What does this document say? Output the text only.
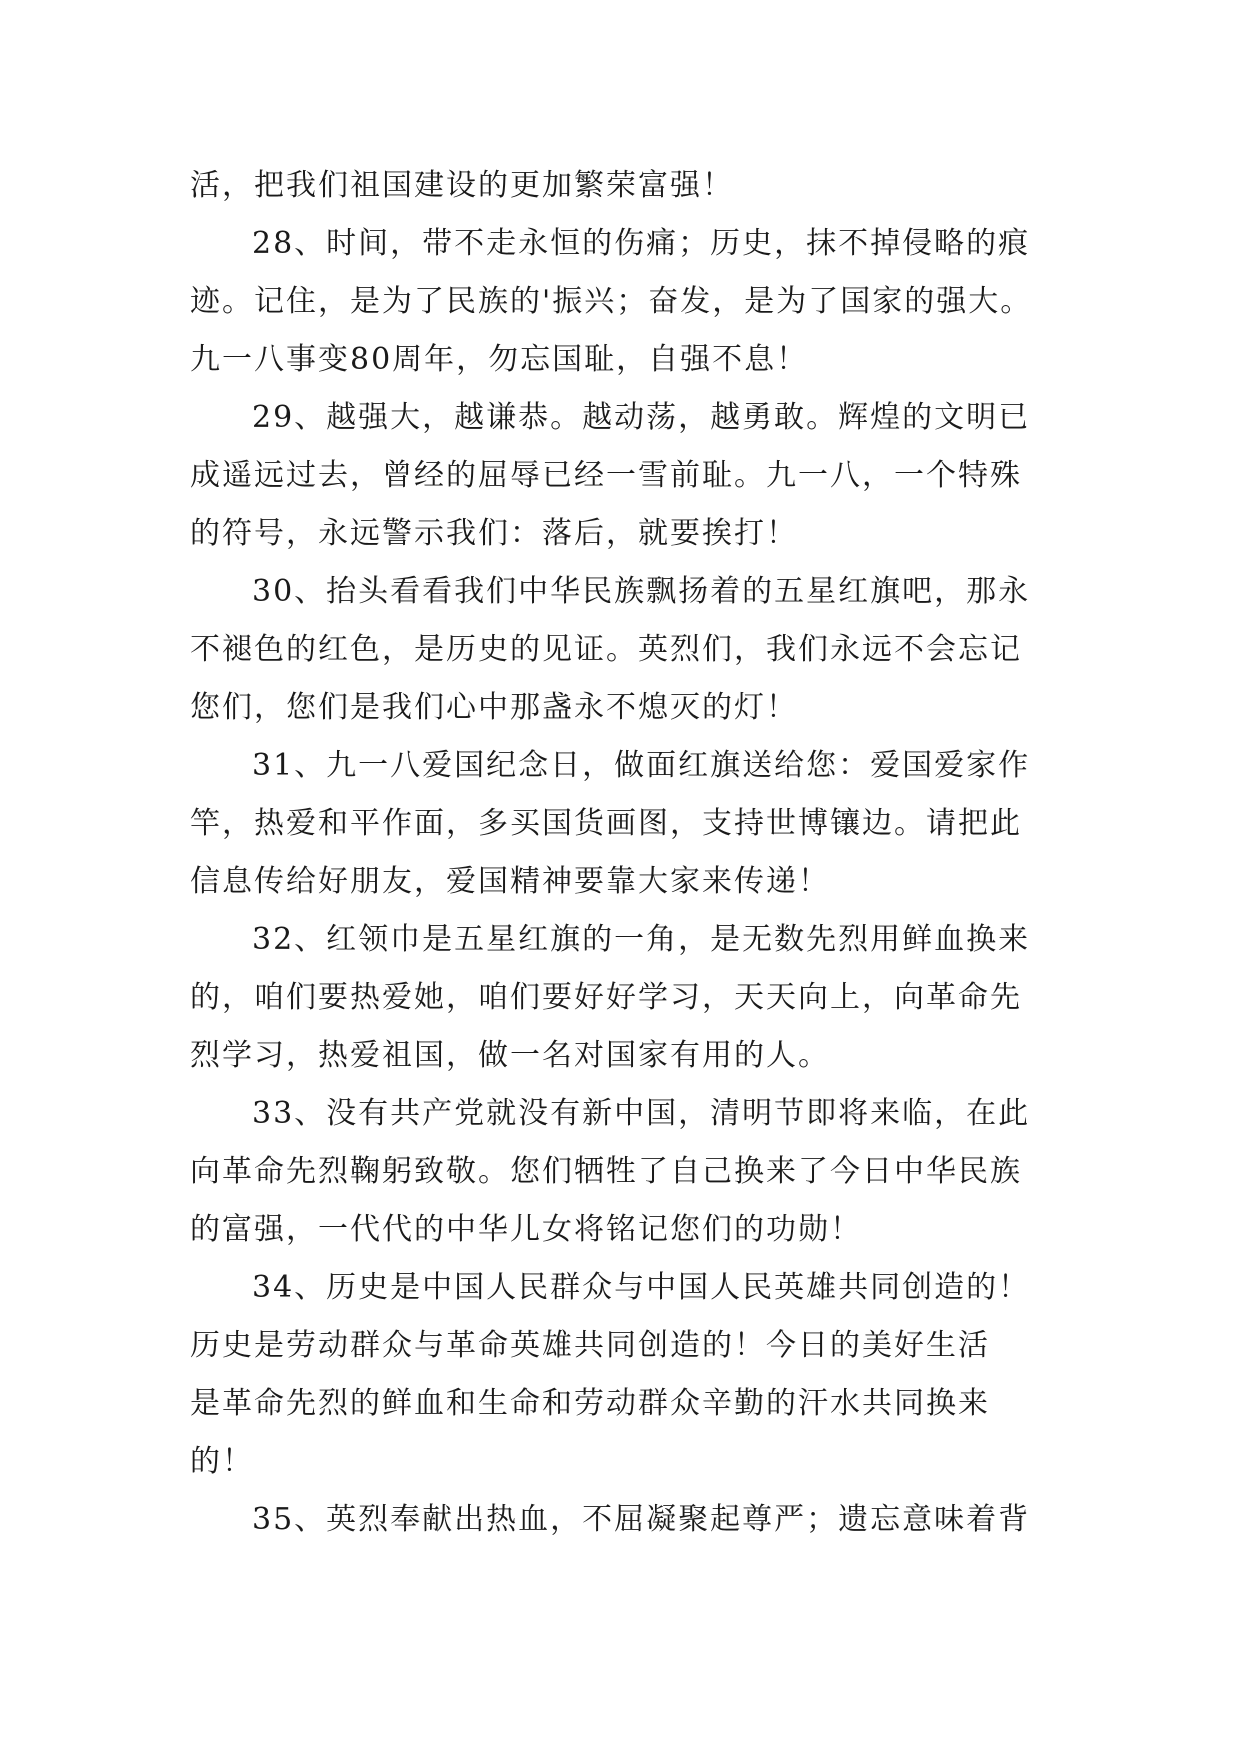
活，把我们祖国建设的更加繁荣富强！
28、时间，带不走永恒的伤痛；历史，抹不掉侵略的痕
迹。记住，是为了民族的'振兴；奋发，是为了国家的强大。
九一八事变80周年，勿忘国耻，自强不息！
29、越强大，越谦恭。越动荡，越勇敢。辉煌的文明已
成遥远过去，曾经的屈辱已经一雪前耻。九一八，一个特殊
的符号，永远警示我们：落后，就要挨打！
30、抬头看看我们中华民族飘扬着的五星红旗吧，那永
不褪色的红色，是历史的见证。英烈们，我们永远不会忘记
您们，您们是我们心中那盏永不熄灭的灯！
31、九一八爱国纪念日，做面红旗送给您：爱国爱家作
竿，热爱和平作面，多买国货画图，支持世博镶边。请把此
信息传给好朋友，爱国精神要靠大家来传递！
32、红领巾是五星红旗的一角，是无数先烈用鲜血换来
的，咱们要热爱她，咱们要好好学习，天天向上，向革命先
烈学习，热爱祖国，做一名对国家有用的人。
33、没有共产党就没有新中国，清明节即将来临，在此
向革命先烈鞠躬致敬。您们牺牲了自己换来了今日中华民族
的富强，一代代的中华儿女将铭记您们的功勋！
34、历史是中国人民群众与中国人民英雄共同创造的！
历史是劳动群众与革命英雄共同创造的！今日的美好生活
是革命先烈的鲜血和生命和劳动群众辛勤的汗水共同换来
的！
35、英烈奉献出热血，不屈凝聚起尊严；遗忘意味着背
